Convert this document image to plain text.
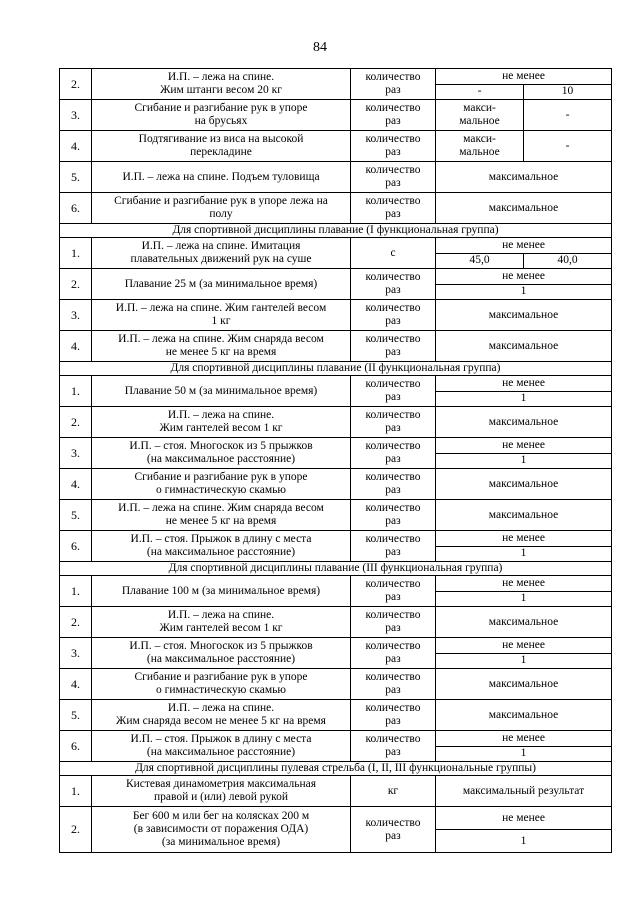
84
2.	И.П. – лежа на спине.
Жим штанги весом 20 кг	количество
раз	не менее	
			-	10
3.	Сгибание и разгибание рук в упоре
на брусьях	количество
раз	макси-
мальное	-
4.	Подтягивание из виса на высокой
перекладине	количество
раз	макси-
мальное	-
5.	И.П. – лежа на спине. Подъем туловища	количество
раз	максимальное	
6.	Сгибание и разгибание рук в упоре лежа на
полу	количество
раз	максимальное	
Для спортивной дисциплины плавание (I функциональная группа)				
1.	И.П. – лежа на спине. Имитация
плавательных движений рук на суше	с	не менее	
			45,0	40,0
2.	Плавание 25 м (за минимальное время)	количество
раз	не менее	
			1	
3.	И.П. – лежа на спине. Жим гантелей весом
1 кг	количество
раз	максимальное	
4.	И.П. – лежа на спине. Жим снаряда весом
не менее 5 кг на время	количество
раз	максимальное	
Для спортивной дисциплины плавание (II функциональная группа)				
1.	Плавание 50 м (за минимальное время)	количество
раз	не менее	
			1	
2.	И.П. – лежа на спине.
Жим гантелей весом 1 кг	количество
раз	максимальное	
3.	И.П. – стоя. Многоскок из 5 прыжков
(на максимальное расстояние)	количество
раз	не менее	
			1	
4.	Сгибание и разгибание рук в упоре
о гимнастическую скамью	количество
раз	максимальное	
5.	И.П. – лежа на спине. Жим снаряда весом
не менее 5 кг на время	количество
раз	максимальное	
6.	И.П. – стоя. Прыжок в длину с места
(на максимальное расстояние)	количество
раз	не менее	
			1	
Для спортивной дисциплины плавание (III функциональная группа)				
1.	Плавание 100 м (за минимальное время)	количество
раз	не менее	
			1	
2.	И.П. – лежа на спине.
Жим гантелей весом 1 кг	количество
раз	максимальное	
3.	И.П. – стоя. Многоскок из 5 прыжков
(на максимальное расстояние)	количество
раз	не менее	
			1	
4.	Сгибание и разгибание рук в упоре
о гимнастическую скамью	количество
раз	максимальное	
5.	И.П. – лежа на спине.
Жим снаряда весом не менее 5 кг на время	количество
раз	максимальное	
6.	И.П. – стоя. Прыжок в длину с места
(на максимальное расстояние)	количество
раз	не менее	
			1	
Для спортивной дисциплины пулевая стрельба (I, II, III функциональные группы)				
1.	Кистевая динамометрия максимальная
правой и (или) левой рукой	кг	максимальный результат	
2.	Бег 600 м или бег на колясках 200 м
(в зависимости от поражения ОДА)
(за минимальное время)	количество
раз	не менее	
			1	
